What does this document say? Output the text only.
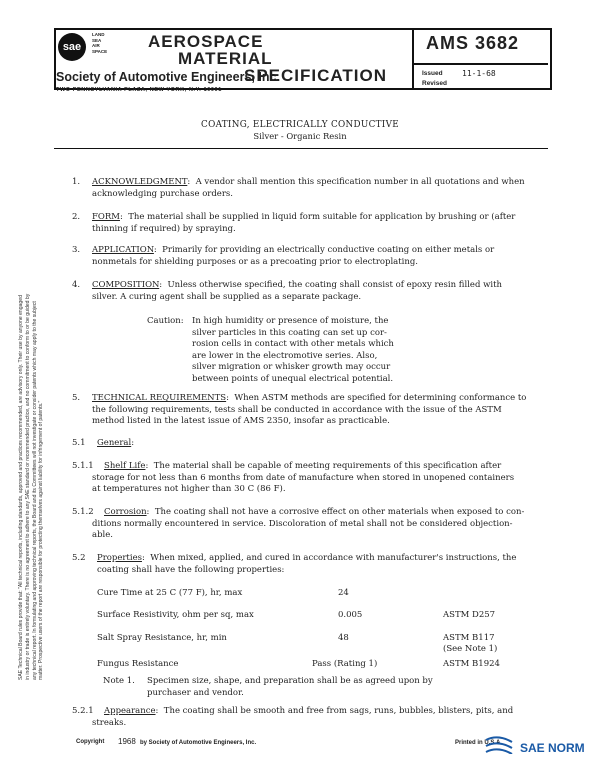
sae
LAND
SEA
AIR
SPACE AEROSPACE
MATERIAL
SPECIFICATION
Society of Automotive Engineers, Inc.
TWO PENNSYLVANIA PLAZA, NEW YORK, N.Y. 10001
AMS 3682
Issued 11-1-68
Revised
COATING, ELECTRICALLY CONDUCTIVE
Silver - Organic Resin
SAE Technical Board rules provide that: "All technical reports, including standards, approved and practices recommended, are advisory only. Their use by anyone engaged in industry or trade is entirely voluntary. There is no agreement to adhere to any SAE standard or recommended practice, and no commitment to conform to or be guided by any technical report. In formulating and approving technical reports, the Board and its Committees will not investigate or consider patents which may apply to the subject matter. Prospective users of the report are responsible for protecting themselves against liability for infringement of patents."
1. ACKNOWLEDGMENT:  A vendor shall mention this specification number in all quotations and when
acknowledging purchase orders.
2. FORM:  The material shall be supplied in liquid form suitable for application by brushing or (after
thinning if required) by spraying.
3. APPLICATION:  Primarily for providing an electrically conductive coating on either metals or
nonmetals for shielding purposes or as a precoating prior to electroplating.
4. COMPOSITION:  Unless otherwise specified, the coating shall consist of epoxy resin filled with
silver. A curing agent shall be supplied as a separate package.
Caution: In high humidity or presence of moisture, the
silver particles in this coating can set up cor-
rosion cells in contact with other metals which
are lower in the electromotive series. Also,
silver migration or whisker growth may occur
between points of unequal electrical potential.
5. TECHNICAL REQUIREMENTS:  When ASTM methods are specified for determining conformance to
the following requirements, tests shall be conducted in accordance with the issue of the ASTM
method listed in the latest issue of AMS 2350, insofar as practicable.
5.1 General:
5.1.1 Shelf Life:  The material shall be capable of meeting requirements of this specification after
storage for not less than 6 months from date of manufacture when stored in unopened containers
at temperatures not higher than 30 C (86 F).
5.1.2 Corrosion:  The coating shall not have a corrosive effect on other materials when exposed to con-
ditions normally encountered in service. Discoloration of metal shall not be considered objection-
able.
5.2 Properties:  When mixed, applied, and cured in accordance with manufacturer's instructions, the
coating shall have the following properties:
Cure Time at 25 C (77 F), hr, max	24
Surface Resistivity, ohm per sq, max	0.005	ASTM D257
Salt Spray Resistance, hr, min	48	ASTM B117
(See Note 1)
Fungus Resistance	Pass (Rating 1)	ASTM B1924
Note 1. Specimen size, shape, and preparation shall be as agreed upon by
purchaser and vendor.
5.2.1 Appearance:  The coating shall be smooth and free from sags, runs, bubbles, blisters, pits, and
streaks.
Copyright 1968 by Society of Automotive Engineers, Inc.	Printed in U.S.A. SAE NORM
